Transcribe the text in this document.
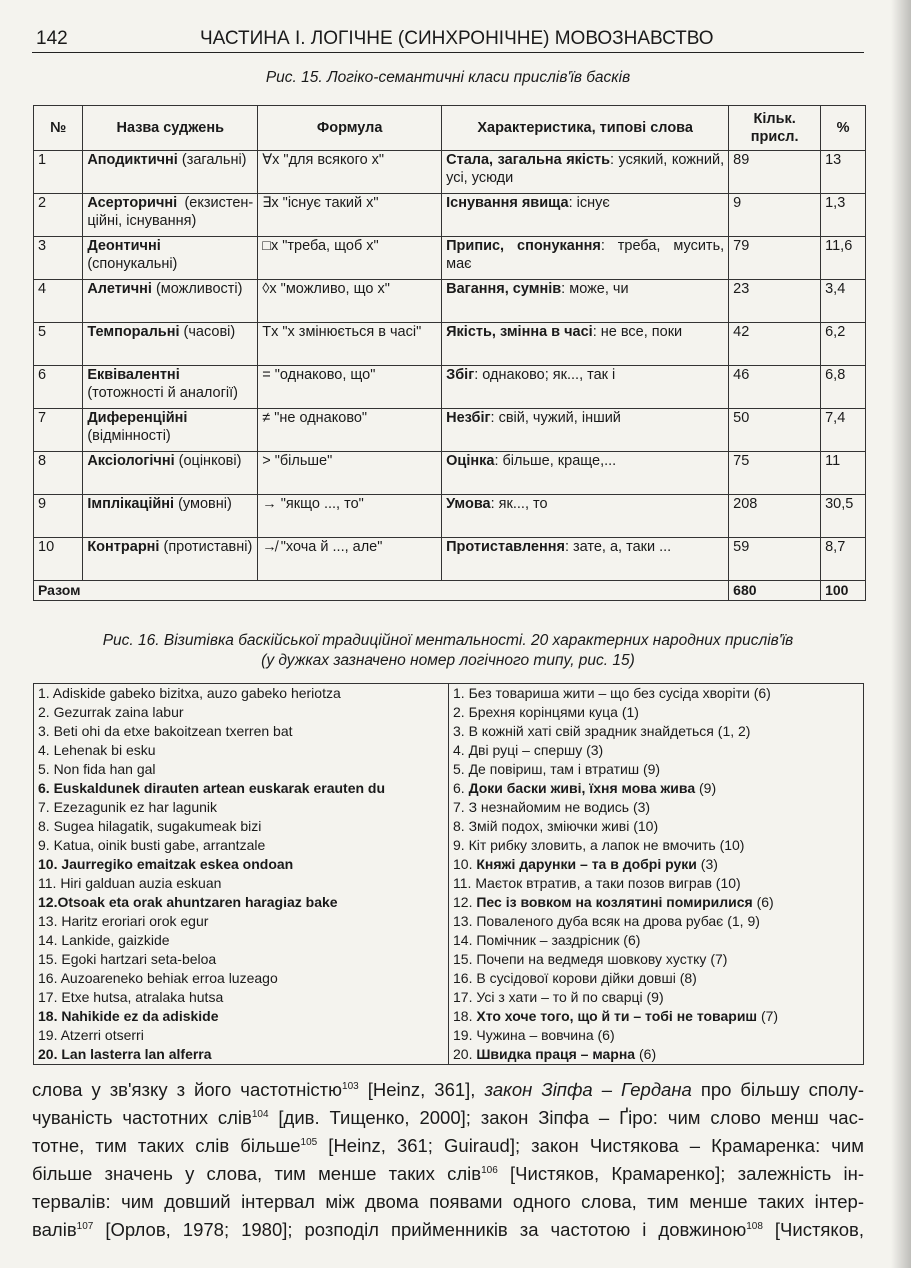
142	ЧАСТИНА І. ЛОГІЧНЕ (СИНХРОНІЧНЕ) МОВОЗНАВСТВО
Рис. 15. Логіко-семантичні класи прислів'їв басків
№	Назва суджень	Формула	Характеристика, типові слова	Кільк. присл.	%
1	Аподиктичні (загальні)	∀x "для всякого х"	Стала, загальна якість: усякий, кожний, усі, усюди	89	13
2	Асерторичні (екзистен-ційні, існування)	∃x "існує такий х"	Існування явища: існує	9	1,3
3	Деонтичні (спонукальні)	□x "треба, щоб х"	Припис, спонукання: треба, мусить, має	79	11,6
4	Алетичні (можливості)	◊x "можливо, що х"	Вагання, сумнів: може, чи	23	3,4
5	Темпоральні (часові)	Tx "х змінюється в часі"	Якість, змінна в часі: не все, поки	42	6,2
6	Еквівалентні (тотожності й аналогії)	= "однаково, що"	Збіг: однаково; як..., так і	46	6,8
7	Диференційні (відмінності)	≠ "не однаково"	Незбіг: свій, чужий, інший	50	7,4
8	Аксіологічні (оцінкові)	> "більше"	Оцінка: більше, краще,...	75	11
9	Імплікаційні (умовні)	→ "якщо ..., то"	Умова: як..., то	208	30,5
10	Контрарні (протиставні)	↛ "хоча й ..., але"	Протиставлення: зате, а, таки ...	59	8,7
Разом				680	100
Рис. 16. Візитівка баскійської традиційної ментальності. 20 характерних народних прислів'їв
(у дужках зазначено номер логічного типу, рис. 15)
1. Adiskide gabeko bizitxa, auzo gabeko heriotza
2. Gezurrak zaina labur
3. Beti ohi da etxe bakoitzean txerren bat
4. Lehenak bi esku
5. Non fida han gal
6. Euskaldunek dirauten artean euskarak erauten du
7. Ezezagunik ez har lagunik
8. Sugea hilagatik, sugakumeak bizi
9. Katua, oinik busti gabe, arrantzale
10. Jaurregiko emaitzak eskea ondoan
11. Hiri galduan auzia eskuan
12.Otsoak eta orak ahuntzaren haragiaz bake
13. Haritz eroriari orok egur
14. Lankide, gaizkide
15. Egoki hartzari seta-beloa
16. Auzoareneko behiak erroa luzeago
17. Etxe hutsa, atralaka hutsa
18. Nahikide ez da adiskide
19. Atzerri otserri
20. Lan lasterra lan alferra

1. Без товариша жити – що без сусіда хворіти (6)
2. Брехня корінцями куца (1)
3. В кожній хаті свій зрадник знайдеться (1, 2)
4. Дві руці – спершу (3)
5. Де повіриш, там і втратиш (9)
6. Доки баски живі, їхня мова жива (9)
7. З незнайомим не водись (3)
8. Змій подох, зміючки живі (10)
9. Кіт рибку зловить, а лапок не вмочить (10)
10. Княжі дарунки – та в добрі руки (3)
11. Маєток втратив, а таки позов виграв (10)
12. Пес із вовком на козлятині помирилися (6)
13. Поваленого дуба всяк на дрова рубає (1, 9)
14. Помічник – заздрісник (6)
15. Почепи на ведмедя шовкову хустку (7)
16. В сусідової корови дійки довші (8)
17. Усі з хати – то й по сварці (9)
18. Хто хоче того, що й ти – тобі не товариш (7)
19. Чужина – вовчина (6)
20. Швидка праця – марна (6)
слова у зв'язку з його частотністю$^{103}$ [Heinz, 361], закон Зіпфа – Гердана про більшу сполу-
чуваність частотних слів$^{104}$ [див. Тищенко, 2000]; закон Зіпфа – Ґіро: чим слово менш час-
тотне, тим таких слів більше$^{105}$ [Heinz, 361; Guiraud]; закон Чистякова – Крамаренка: чим
більше значень у слова, тим менше таких слів$^{106}$ [Чистяков, Крамаренко]; залежність ін-
тервалів: чим довший інтервал між двома появами одного слова, тим менше таких інтер-
валів$^{107}$ [Орлов, 1978; 1980]; розподіл прийменників за частотою і довжиною$^{108}$ [Чистяков,
